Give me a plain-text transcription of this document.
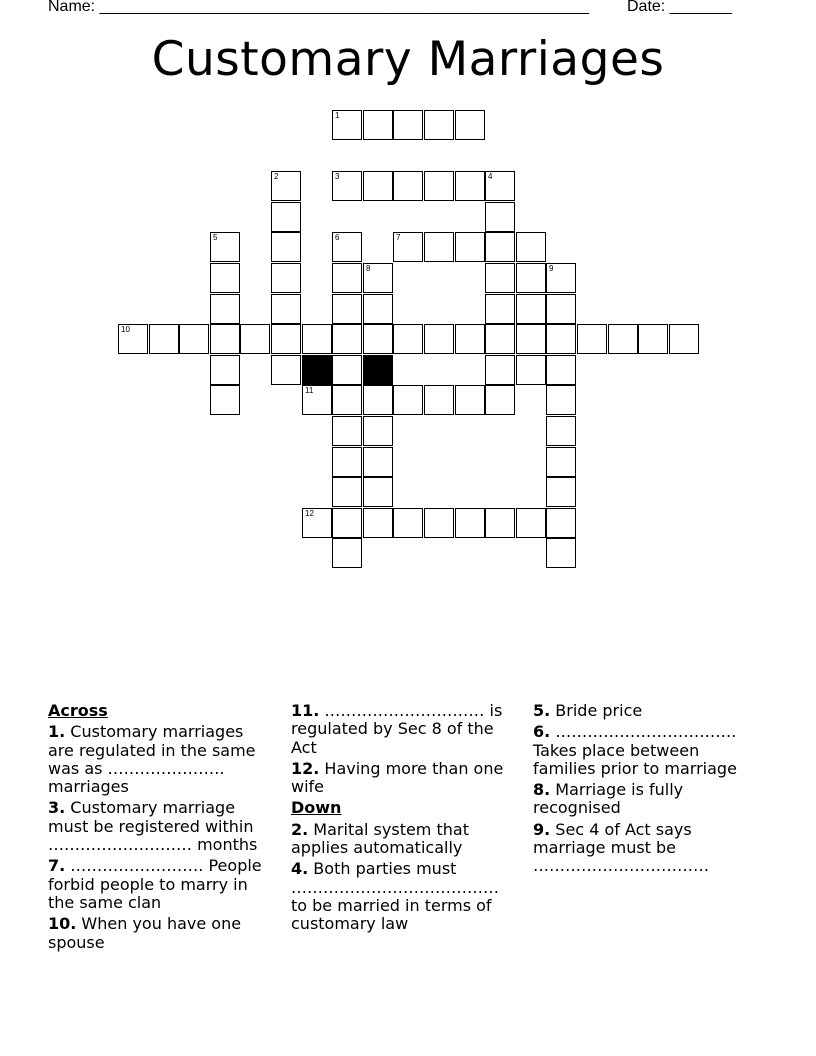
Name: _______________________________________________________ Date: _______
Customary Marriages
1
3
2	4
5	6	7
8	9
10
11
12
Across

1. Customary marriages are regulated in the same was as …………………. marriages

3. Customary marriage must be registered within ……………………… months

7. ……………………. People forbid people to marry in the same clan

10. When you have one spouse

11. ………………………… is regulated by Sec 8 of the Act

12. Having more than one wife

Down

2. Marital system that applies automatically

4. Both parties must ………………………………… to be married in terms of customary law

5. Bride price

6. ……………………………. Takes place between families prior to marriage

8. Marriage is fully recognised

9. Sec 4 of Act says marriage must be ……………………………
